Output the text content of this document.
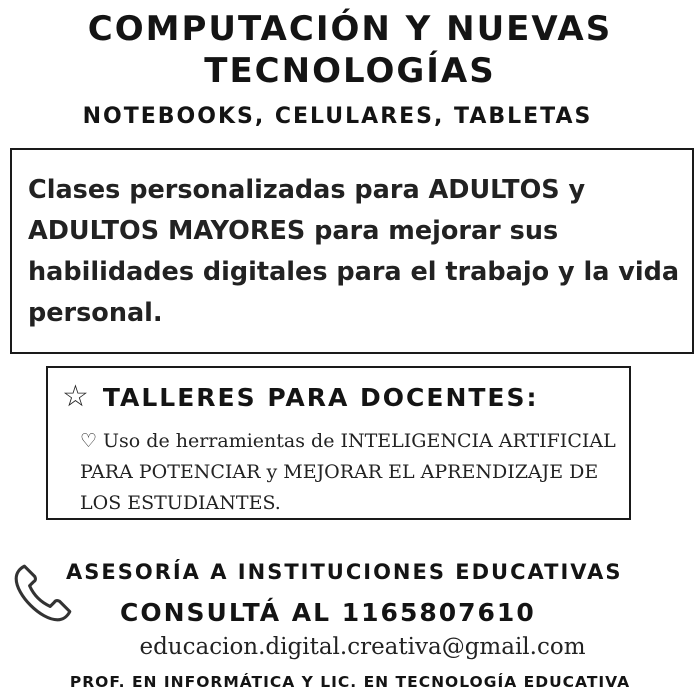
COMPUTACIÓN Y NUEVAS
TECNOLOGÍAS
NOTEBOOKS, CELULARES, TABLETAS
Clases personalizadas para ADULTOS y ADULTOS MAYORES para mejorar sus habilidades digitales para el trabajo y la vida personal.
☆ TALLERES PARA DOCENTES:
♡ Uso de herramientas de INTELIGENCIA ARTIFICIAL PARA POTENCIAR y MEJORAR EL APRENDIZAJE DE LOS ESTUDIANTES.
ASESORÍA A INSTITUCIONES EDUCATIVAS
CONSULTÁ AL 1165807610
educacion.digital.creativa@gmail.com
PROF. EN INFORMÁTICA Y LIC. EN TECNOLOGÍA EDUCATIVA
